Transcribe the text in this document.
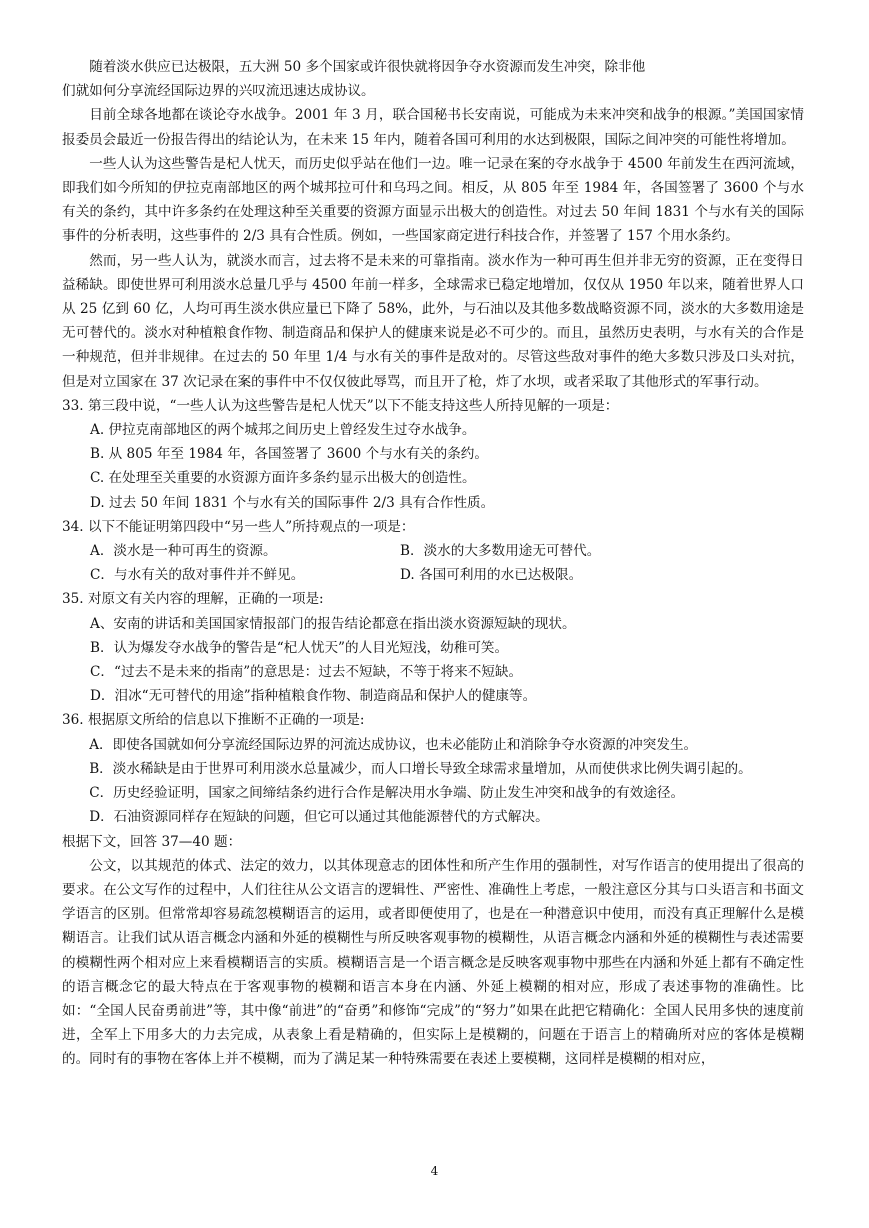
随着淡水供应已达极限，五大洲 50 多个国家或许很快就将因争夺水资源而发生冲突，除非他

们就如何分享流经国际边界的兴叹流迅速达成协议。

目前全球各地都在谈论夺水战争。2001 年 3 月，联合国秘书长安南说，可能成为未来冲突和战争的根源。”美国国家情报委员会最近一份报告得出的结论认为，在未来 15 年内，随着各国可利用的水达到极限，国际之间冲突的可能性将增加。

一些人认为这些警告是杞人忧天，而历史似乎站在他们一边。唯一记录在案的夺水战争于 4500 年前发生在西河流域，即我们如今所知的伊拉克南部地区的两个城邦拉可什和乌玛之间。相反，从 805 年至 1984 年，各国签署了 3600 个与水有关的条约，其中许多条约在处理这种至关重要的资源方面显示出极大的创造性。对过去 50 年间 1831 个与水有关的国际事件的分析表明，这些事件的 2/3 具有合性质。例如，一些国家商定进行科技合作，并签署了 157 个用水条约。

然而，另一些人认为，就淡水而言，过去将不是未来的可靠指南。淡水作为一种可再生但并非无穷的资源，正在变得日益稀缺。即使世界可利用淡水总量几乎与 4500 年前一样多，全球需求已稳定地增加，仅仅从 1950 年以来，随着世界人口从 25 亿到 60 亿，人均可再生淡水供应量已下降了 58%，此外，与石油以及其他多数战略资源不同，淡水的大多数用途是无可替代的。淡水对种植粮食作物、制造商品和保护人的健康来说是必不可少的。而且，虽然历史表明，与水有关的合作是一种规范，但并非规律。在过去的 50 年里 1/4 与水有关的事件是敌对的。尽管这些敌对事件的绝大多数只涉及口头对抗，但是对立国家在 37 次记录在案的事件中不仅仅彼此辱骂，而且开了枪，炸了水坝，或者采取了其他形式的军事行动。

33. 第三段中说，“一些人认为这些警告是杞人忧天”以下不能支持这些人所持见解的一项是：

A. 伊拉克南部地区的两个城邦之间历史上曾经发生过夺水战争。

B. 从 805 年至 1984 年，各国签署了 3600 个与水有关的条约。

C. 在处理至关重要的水资源方面许多条约显示出极大的创造性。

D. 过去 50 年间 1831 个与水有关的国际事件 2/3 具有合作性质。

34. 以下不能证明第四段中“另一些人”所持观点的一项是：

A．淡水是一种可再生的资源。	B．淡水的大多数用途无可替代。
C．与水有关的敌对事件并不鲜见。	D. 各国可利用的水已达极限。

35. 对原文有关内容的理解，正确的一项是:

A、安南的讲话和美国国家情报部门的报告结论都意在指出淡水资源短缺的现状。

B．认为爆发夺水战争的警告是“杞人忧天”的人目光短浅，幼稚可笑。

C．“过去不是未来的指南”的意思是：过去不短缺，不等于将来不短缺。

D．泪冰“无可替代的用途”指种植粮食作物、制造商品和保护人的健康等。

36. 根据原文所给的信息以下推断不正确的一项是:

A．即使各国就如何分享流经国际边界的河流达成协议，也未必能防止和消除争夺水资源的冲突发生。

B．淡水稀缺是由于世界可利用淡水总量减少，而人口增长导致全球需求量增加，从而使供求比例失调引起的。

C．历史经验证明，国家之间缔结条约进行合作是解决用水争端、防止发生冲突和战争的有效途径。

D．石油资源同样存在短缺的问题，但它可以通过其他能源替代的方式解决。

根据下文，回答 37—40 题：

公文，以其规范的体式、法定的效力，以其体现意志的团体性和所产生作用的强制性，对写作语言的使用提出了很高的要求。在公文写作的过程中，人们往往从公文语言的逻辑性、严密性、准确性上考虑，一般注意区分其与口头语言和书面文学语言的区别。但常常却容易疏忽模糊语言的运用，或者即便使用了，也是在一种潜意识中使用，而没有真正理解什么是模糊语言。让我们试从语言概念内涵和外延的模糊性与所反映客观事物的模糊性，从语言概念内涵和外延的模糊性与表述需要的模糊性两个相对应上来看模糊语言的实质。模糊语言是一个语言概念是反映客观事物中那些在内涵和外延上都有不确定性的语言概念它的最大特点在于客观事物的模糊和语言本身在内涵、外延上模糊的相对应，形成了表述事物的准确性。比如：“全国人民奋勇前进”等，其中像“前进”的“奋勇”和修饰“完成”的“努力”如果在此把它精确化：全国人民用多快的速度前进，全军上下用多大的力去完成，从表象上看是精确的，但实际上是模糊的，问题在于语言上的精确所对应的客体是模糊的。同时有的事物在客体上并不模糊，而为了满足某一种特殊需要在表述上要模糊，这同样是模糊的相对应，

4
